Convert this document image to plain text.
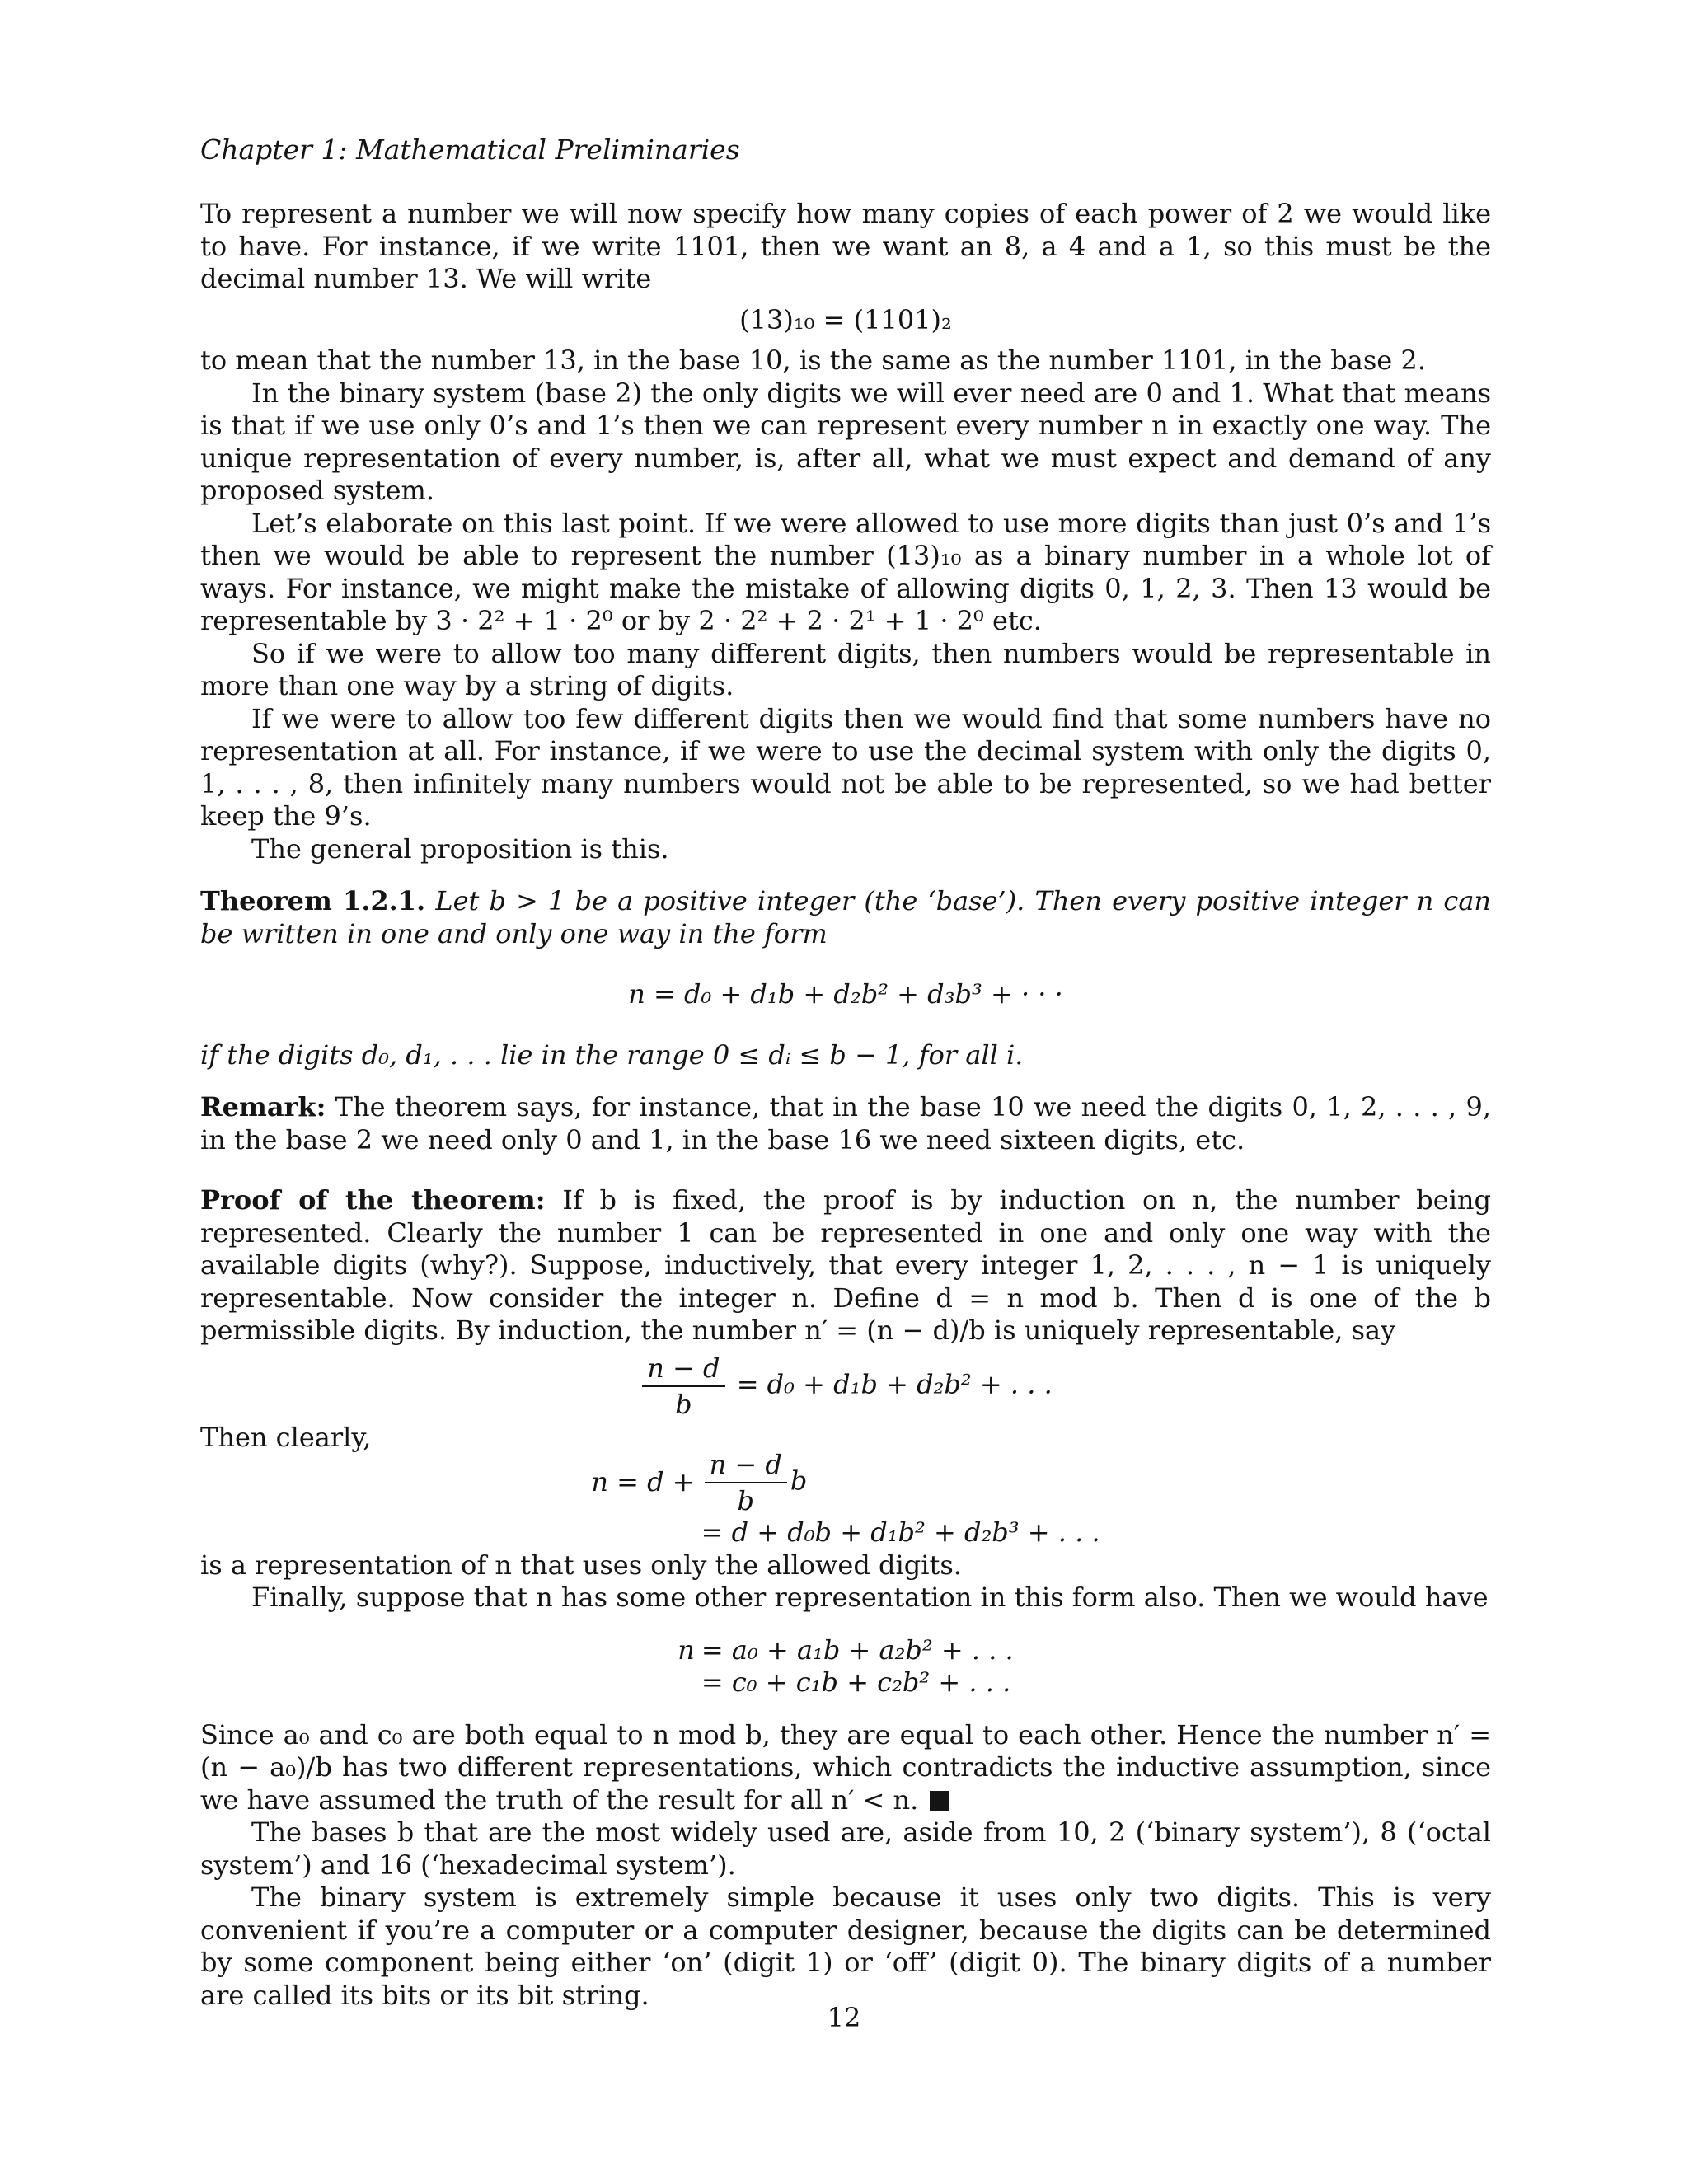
Chapter 1: Mathematical Preliminaries

To represent a number we will now specify how many copies of each power of 2 we would like to have. For instance, if we write 1101, then we want an 8, a 4 and a 1, so this must be the decimal number 13. We will write

(13)₁₀ = (1101)₂

to mean that the number 13, in the base 10, is the same as the number 1101, in the base 2.

In the binary system (base 2) the only digits we will ever need are 0 and 1. What that means is that if we use only 0’s and 1’s then we can represent every number n in exactly one way. The unique representation of every number, is, after all, what we must expect and demand of any proposed system.

Let’s elaborate on this last point. If we were allowed to use more digits than just 0’s and 1’s then we would be able to represent the number (13)₁₀ as a binary number in a whole lot of ways. For instance, we might make the mistake of allowing digits 0, 1, 2, 3. Then 13 would be representable by 3 · 2² + 1 · 2⁰ or by 2 · 2² + 2 · 2¹ + 1 · 2⁰ etc.

So if we were to allow too many different digits, then numbers would be representable in more than one way by a string of digits.

If we were to allow too few different digits then we would find that some numbers have no representation at all. For instance, if we were to use the decimal system with only the digits 0, 1, . . . , 8, then infinitely many numbers would not be able to be represented, so we had better keep the 9’s.

The general proposition is this.

Theorem 1.2.1. Let b > 1 be a positive integer (the ‘base’). Then every positive integer n can be written in one and only one way in the form

n = d₀ + d₁b + d₂b² + d₃b³ + · · ·

if the digits d₀, d₁, . . . lie in the range 0 ≤ dᵢ ≤ b − 1, for all i.

Remark: The theorem says, for instance, that in the base 10 we need the digits 0, 1, 2, . . . , 9, in the base 2 we need only 0 and 1, in the base 16 we need sixteen digits, etc.

Proof of the theorem: If b is fixed, the proof is by induction on n, the number being represented. Clearly the number 1 can be represented in one and only one way with the available digits (why?). Suppose, inductively, that every integer 1, 2, . . . , n − 1 is uniquely representable. Now consider the integer n. Define d = n mod b. Then d is one of the b permissible digits. By induction, the number n′ = (n − d)/b is uniquely representable, say

$\frac{n - d}{b} = d_0 + d_1b + d_2b^2$ + . . .

Then clearly,

n = d +	$\frac{n - d}{b}$ b
	= d + d₀b + d₁b² + d₂b³ + . . .

is a representation of n that uses only the allowed digits.

Finally, suppose that n has some other representation in this form also. Then we would have

n	= a₀ + a₁b + a₂b² + . . .
	= c₀ + c₁b + c₂b² + . . .

Since a₀ and c₀ are both equal to n mod b, they are equal to each other. Hence the number n′ = (n − a₀)/b has two different representations, which contradicts the inductive assumption, since we have assumed the truth of the result for all n′ < n.

The bases b that are the most widely used are, aside from 10, 2 (‘binary system’), 8 (‘octal system’) and 16 (‘hexadecimal system’).

The binary system is extremely simple because it uses only two digits. This is very convenient if you’re a computer or a computer designer, because the digits can be determined by some component being either ‘on’ (digit 1) or ‘off’ (digit 0). The binary digits of a number are called its bits or its bit string.

12
